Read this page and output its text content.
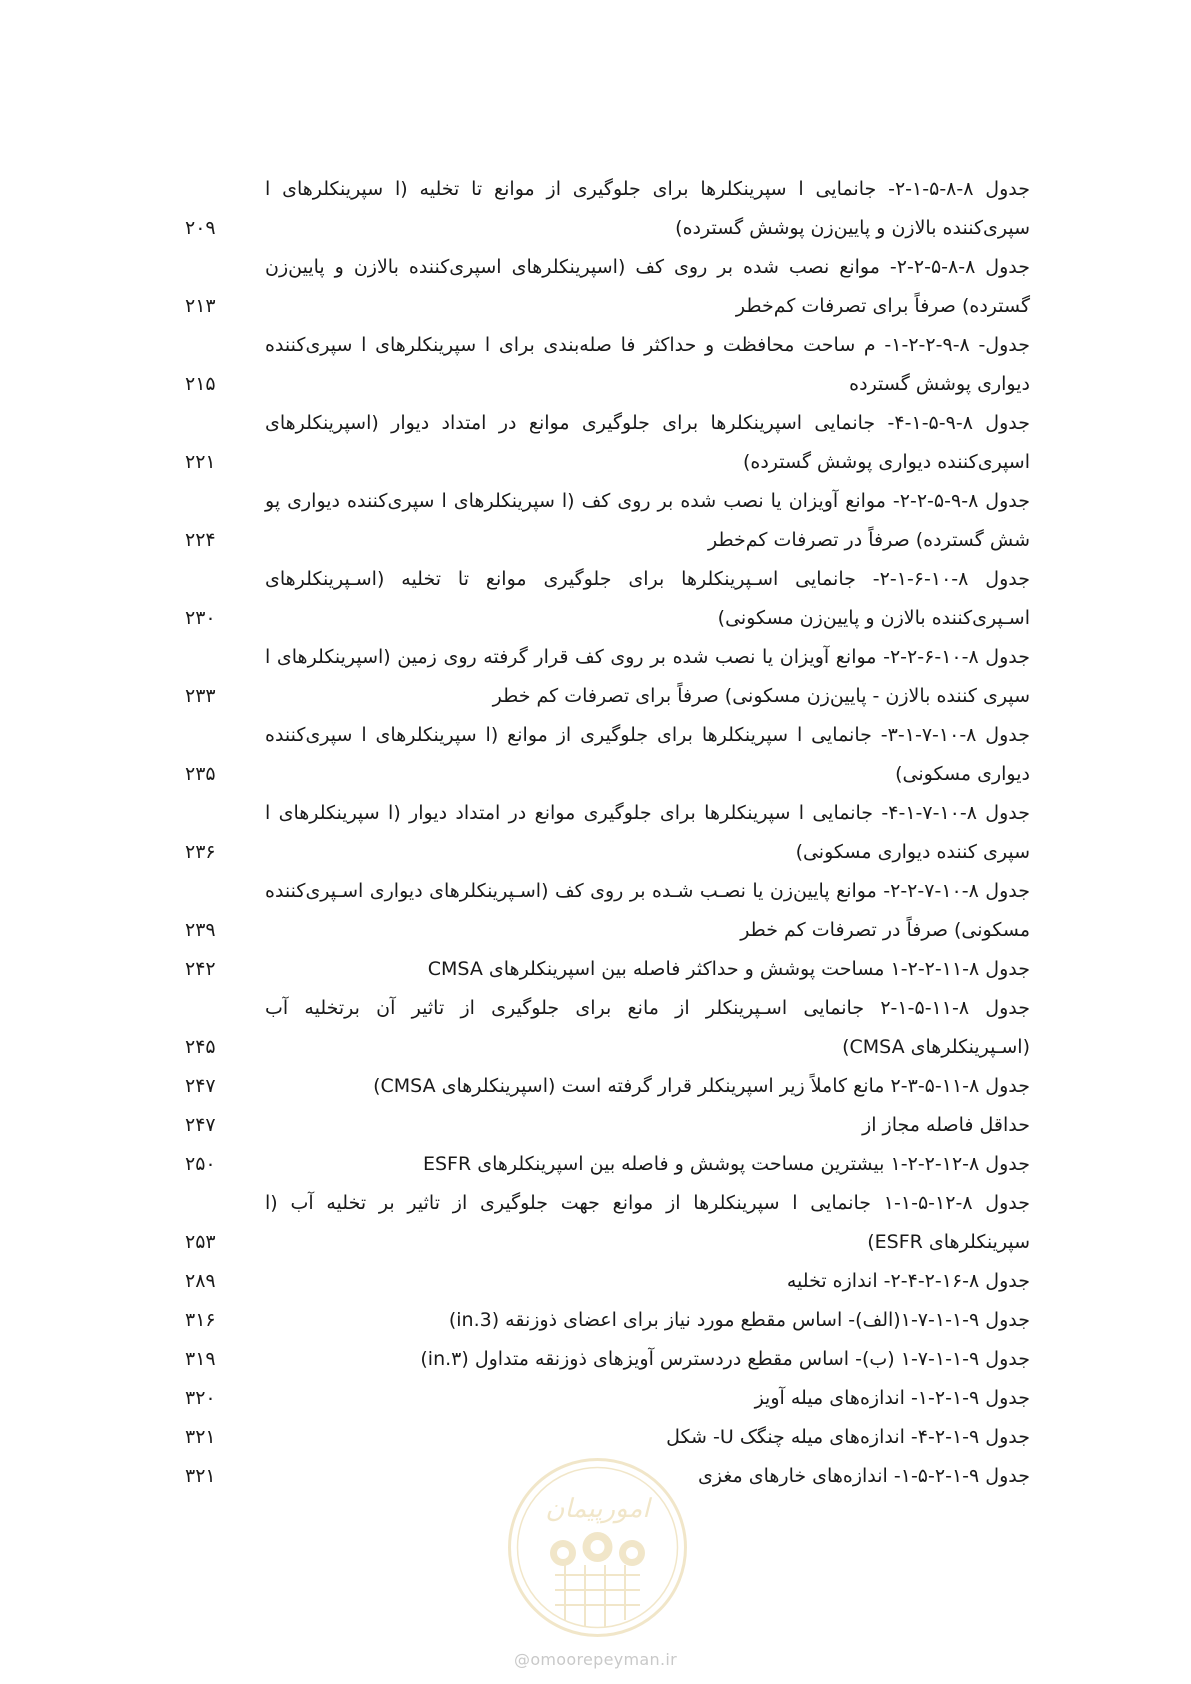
جدول ۸-۸-۵-۱-۲- جانمایی ا سپرینکلرها برای جلوگیری از موانع تا تخلیه (ا سپرینکلرهای ا سپری‌کننده بالازن و پایین‌زن پوشش گسترده)
۲۰۹
جدول ۸-۸-۵-۲-۲- موانع نصب شده بر روی کف (اسپرینکلرهای اسپری‌کننده بالازن و پایین‌زن گسترده) صرفاً برای تصرفات کم‌خطر
۲۱۳
جدول- ۸-۹-۲-۲-۱- م ساحت محافظت و حداکثر فا صله‌بندی برای ا سپرینکلرهای ا سپری‌کننده دیواری پوشش گسترده
۲۱۵
جدول ۸-۹-۵-۱-۴- جانمایی اسپرینکلرها برای جلوگیری موانع در امتداد دیوار (اسپرینکلرهای اسپری‌کننده دیواری پوشش گسترده)
۲۲۱
جدول ۸-۹-۵-۲-۲- موانع آویزان یا نصب شده بر روی کف (ا سپرینکلرهای ا سپری‌کننده دیواری پو شش گسترده) صرفاً در تصرفات کم‌خطر
۲۲۴
جدول ۸-۱۰-۶-۱-۲- جانمایی اسـپرینکلرها برای جلوگیری موانع تا تخلیه (اسـپرینکلرهای اسـپری‌کننده بالازن و پایین‌زن مسکونی)
۲۳۰
جدول ۸-۱۰-۶-۲-۲- موانع آویزان یا نصب شده بر روی کف قرار گرفته روی زمین (اسپرینکلرهای ا سپری کننده بالازن - پایین‌زن مسکونی) صرفاً برای تصرفات کم خطر
۲۳۳
جدول ۸-۱۰-۷-۱-۳- جانمایی ا سپرینکلرها برای جلوگیری از موانع (ا سپرینکلرهای ا سپری‌کننده دیواری مسکونی)
۲۳۵
جدول ۸-۱۰-۷-۱-۴- جانمایی ا سپرینکلرها برای جلوگیری موانع در امتداد دیوار (ا سپرینکلرهای ا سپری کننده دیواری مسکونی)
۲۳۶
جدول ۸-۱۰-۷-۲-۲- موانع پایین‌زن یا نصـب شـده بر روی کف (اسـپرینکلرهای دیواری اسـپری‌کننده مسکونی) صرفاً در تصرفات کم خطر
۲۳۹
جدول ۸-۱۱-۲-۲-۱ مساحت پوشش و حداکثر فاصله بین اسپرینکلرهای CMSA
۲۴۲
جدول ۸-۱۱-۵-۱-۲ جانمایی اسـپرینکلر از مانع برای جلوگیری از تاثیر آن برتخلیه آب (اسـپرینکلرهای CMSA)
۲۴۵
جدول ۸-۱۱-۵-۳-۲ مانع کاملاً زیر اسپرینکلر قرار گرفته است (اسپرینکلرهای CMSA)
۲۴۷
حداقل فاصله مجاز از
۲۴۷
جدول ۸-۱۲-۲-۲-۱ بیشترین مساحت پوشش و فاصله بین اسپرینکلرهای ESFR
۲۵۰
جدول ۸-۱۲-۵-۱-۱ جانمایی ا سپرینکلرها از موانع جهت جلوگیری از تاثیر بر تخلیه آب (ا سپرینکلرهای ESFR)
۲۵۳
جدول ۸-۱۶-۲-۴-۲- اندازه تخلیه
۲۸۹
جدول ۹-۱-۱-۷-۱(الف)- اساس مقطع مورد نیاز برای اعضای ذوزنقه (in.3)
۳۱۶
جدول ۹-۱-۱-۷-۱ (ب)- اساس مقطع دردسترس آویزهای ذوزنقه متداول (in.۳)
۳۱۹
جدول ۹-۱-۲-۱- اندازه‌های میله آویز
۳۲۰
جدول ۹-۱-۲-۴- اندازه‌های میله چنگک U- شکل
۳۲۱
جدول ۹-۱-۲-۵-۱- اندازه‌های خارهای مغزی
۳۲۱
امورپیمان
@omoorepeyman.ir
